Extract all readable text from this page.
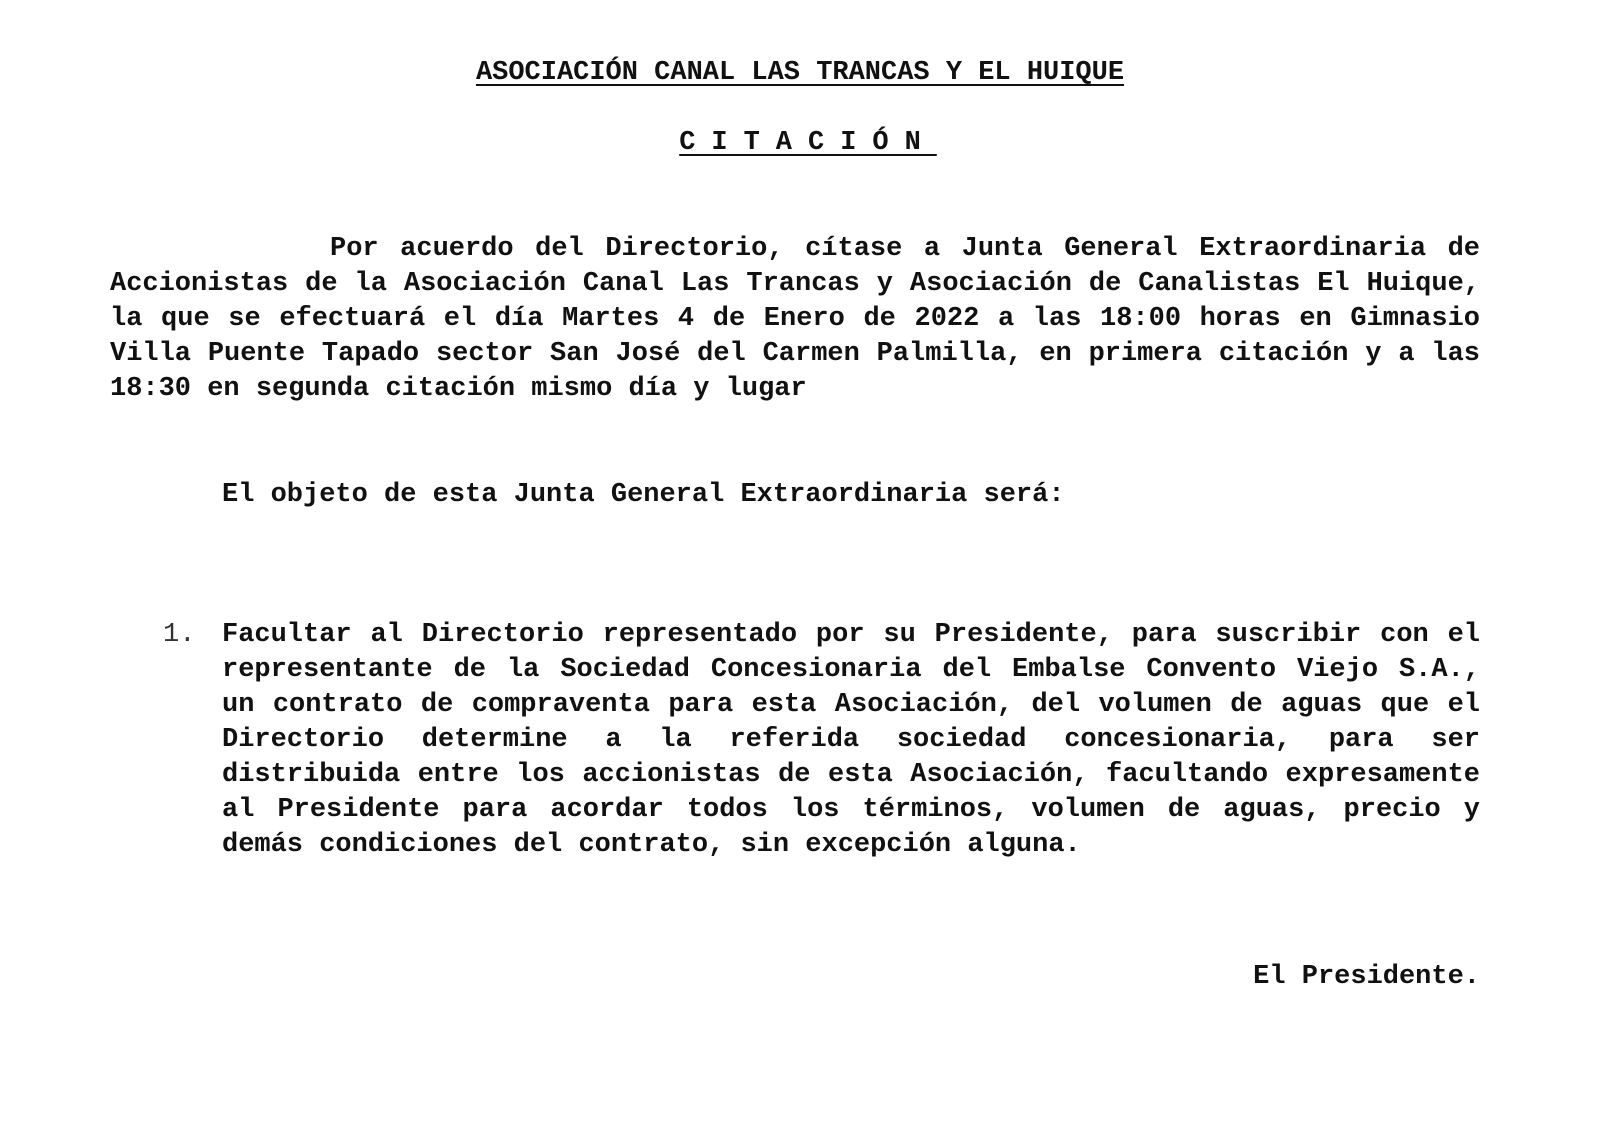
ASOCIACIÓN CANAL LAS TRANCAS Y EL HUIQUE

CITACIÓN

Por acuerdo del Directorio, cítase a Junta General Extraordinaria de Accionistas de la Asociación Canal Las Trancas y Asociación de Canalistas El Huique, la que se efectuará el día Martes 4 de Enero de 2022 a las 18:00 horas en Gimnasio Villa Puente Tapado sector San José del Carmen Palmilla, en primera citación y a las 18:30 en segunda citación mismo día y lugar

El objeto de esta Junta General Extraordinaria será:

1. Facultar al Directorio representado por su Presidente, para suscribir con el representante de la Sociedad Concesionaria del Embalse Convento Viejo S.A., un contrato de compraventa para esta Asociación, del volumen de aguas que el Directorio determine a la referida sociedad concesionaria, para ser distribuida entre los accionistas de esta Asociación, facultando expresamente al Presidente para acordar todos los términos, volumen de aguas, precio y demás condiciones del contrato, sin excepción alguna.

El Presidente.
